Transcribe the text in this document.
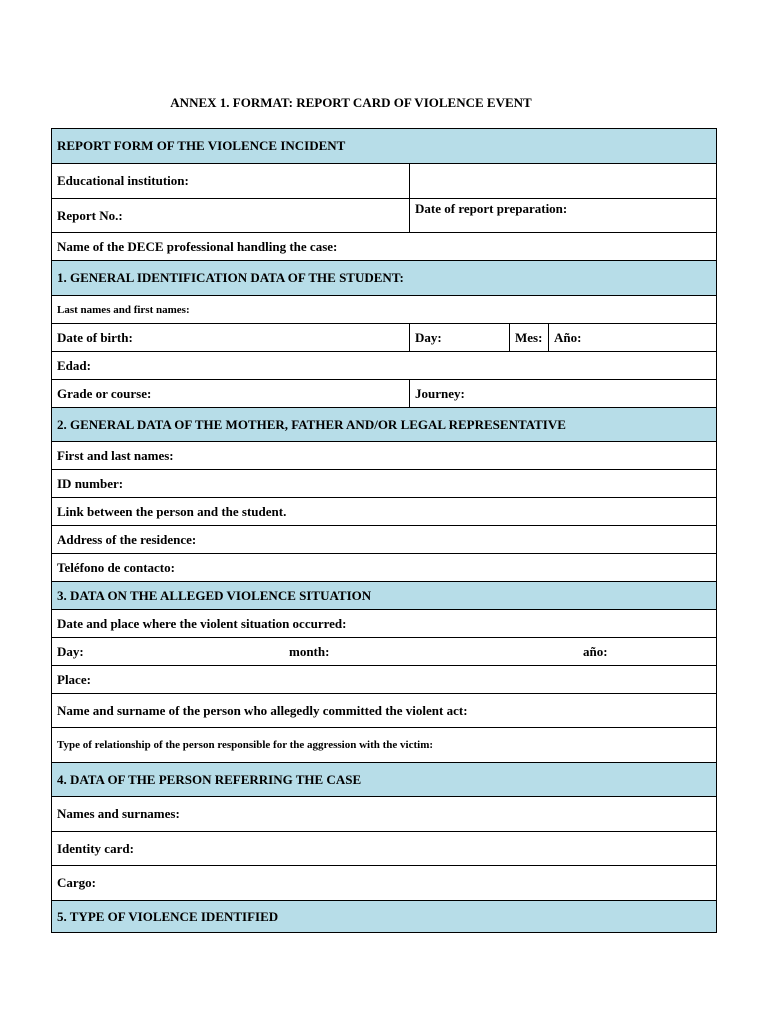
ANNEX 1. FORMAT: REPORT CARD OF VIOLENCE EVENT
REPORT FORM OF THE VIOLENCE INCIDENT
Educational institution:
Report No.:	Date of report preparation:
Name of the DECE professional handling the case:
1. GENERAL IDENTIFICATION DATA OF THE STUDENT:
Last names and first names:
Date of birth:	Day:	Mes: Año:
Edad:
Grade or course:	Journey:
2. GENERAL DATA OF THE MOTHER, FATHER AND/OR LEGAL REPRESENTATIVE
First and last names:
ID number:
Link between the person and the student.
Address of the residence:
Teléfono de contacto:
3. DATA ON THE ALLEGED VIOLENCE SITUATION
Date and place where the violent situation occurred:
Day:	month:	año:
Place:
Name and surname of the person who allegedly committed the violent act:
Type of relationship of the person responsible for the aggression with the victim:
4. DATA OF THE PERSON REFERRING THE CASE
Names and surnames:
Identity card:
Cargo:
5. TYPE OF VIOLENCE IDENTIFIED
